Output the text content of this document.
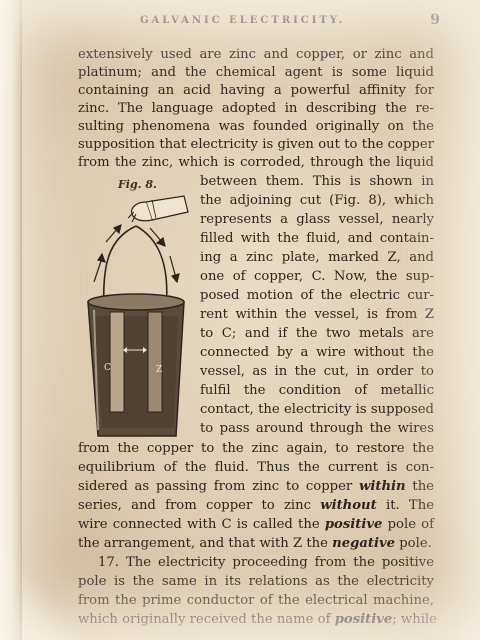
GALVANIC ELECTRICITY.	9
extensively used are zinc and copper, or zinc and
platinum; and the chemical agent is some liquid
containing an acid having a powerful affinity for
zinc. The language adopted in describing the re-
sulting phenomena was founded originally on the
supposition that electricity is given out to the copper
from the zinc, which is corroded, through the liquid
between them. This is shown in
the adjoining cut (Fig. 8), which
represents a glass vessel, nearly
filled with the fluid, and contain-
ing a zinc plate, marked Z, and
one of copper, C. Now, the sup-
posed motion of the electric cur-
rent within the vessel, is from Z
to C; and if the two metals are
connected by a wire without the
vessel, as in the cut, in order to
fulfil the condition of metallic
contact, the electricity is supposed
to pass around through the wires
from the copper to the zinc again, to restore the
equilibrium of the fluid. Thus the current is con-
sidered as passing from zinc to copper within the
series, and from copper to zinc without it. The
wire connected with C is called the positive pole of
the arrangement, and that with Z the negative pole.
17. The electricity proceeding from the positive
pole is the same in its relations as the electricity
from the prime conductor of the electrical machine,
which originally received the name of positive; while
Fig. 8.
C	Z
